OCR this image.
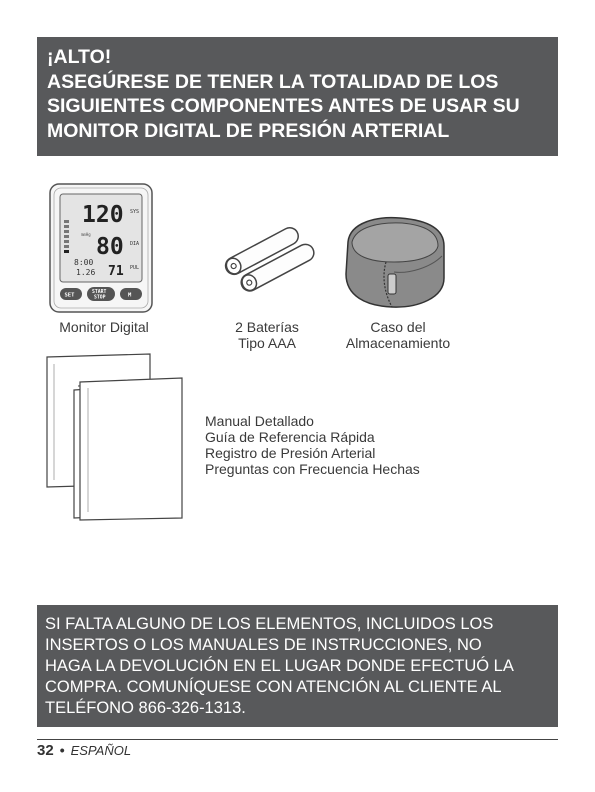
¡ALTO!
ASEGÚRESE DE TENER LA TOTALIDAD DE LOS
SIGUIENTES COMPONENTES ANTES DE USAR SU
MONITOR DIGITAL DE PRESIÓN ARTERIAL
120 SYS
mmHg 80 DIA
8:00
1.26 71 PUL
SET	START
STOP	M
Monitor Digital	2 Baterías
Tipo AAA
Caso del
Almacenamiento
Manual Detallado
Guía de Referencia Rápida
Registro de Presión Arterial
Preguntas con Frecuencia Hechas
SI FALTA ALGUNO DE LOS ELEMENTOS, INCLUIDOS LOS
INSERTOS O LOS MANUALES DE INSTRUCCIONES, NO
HAGA LA DEVOLUCIÓN EN EL LUGAR DONDE EFECTUÓ LA
COMPRA. COMUNÍQUESE CON ATENCIÓN AL CLIENTE AL
TELÉFONO 866-326-1313.
32 • ESPAÑOL
